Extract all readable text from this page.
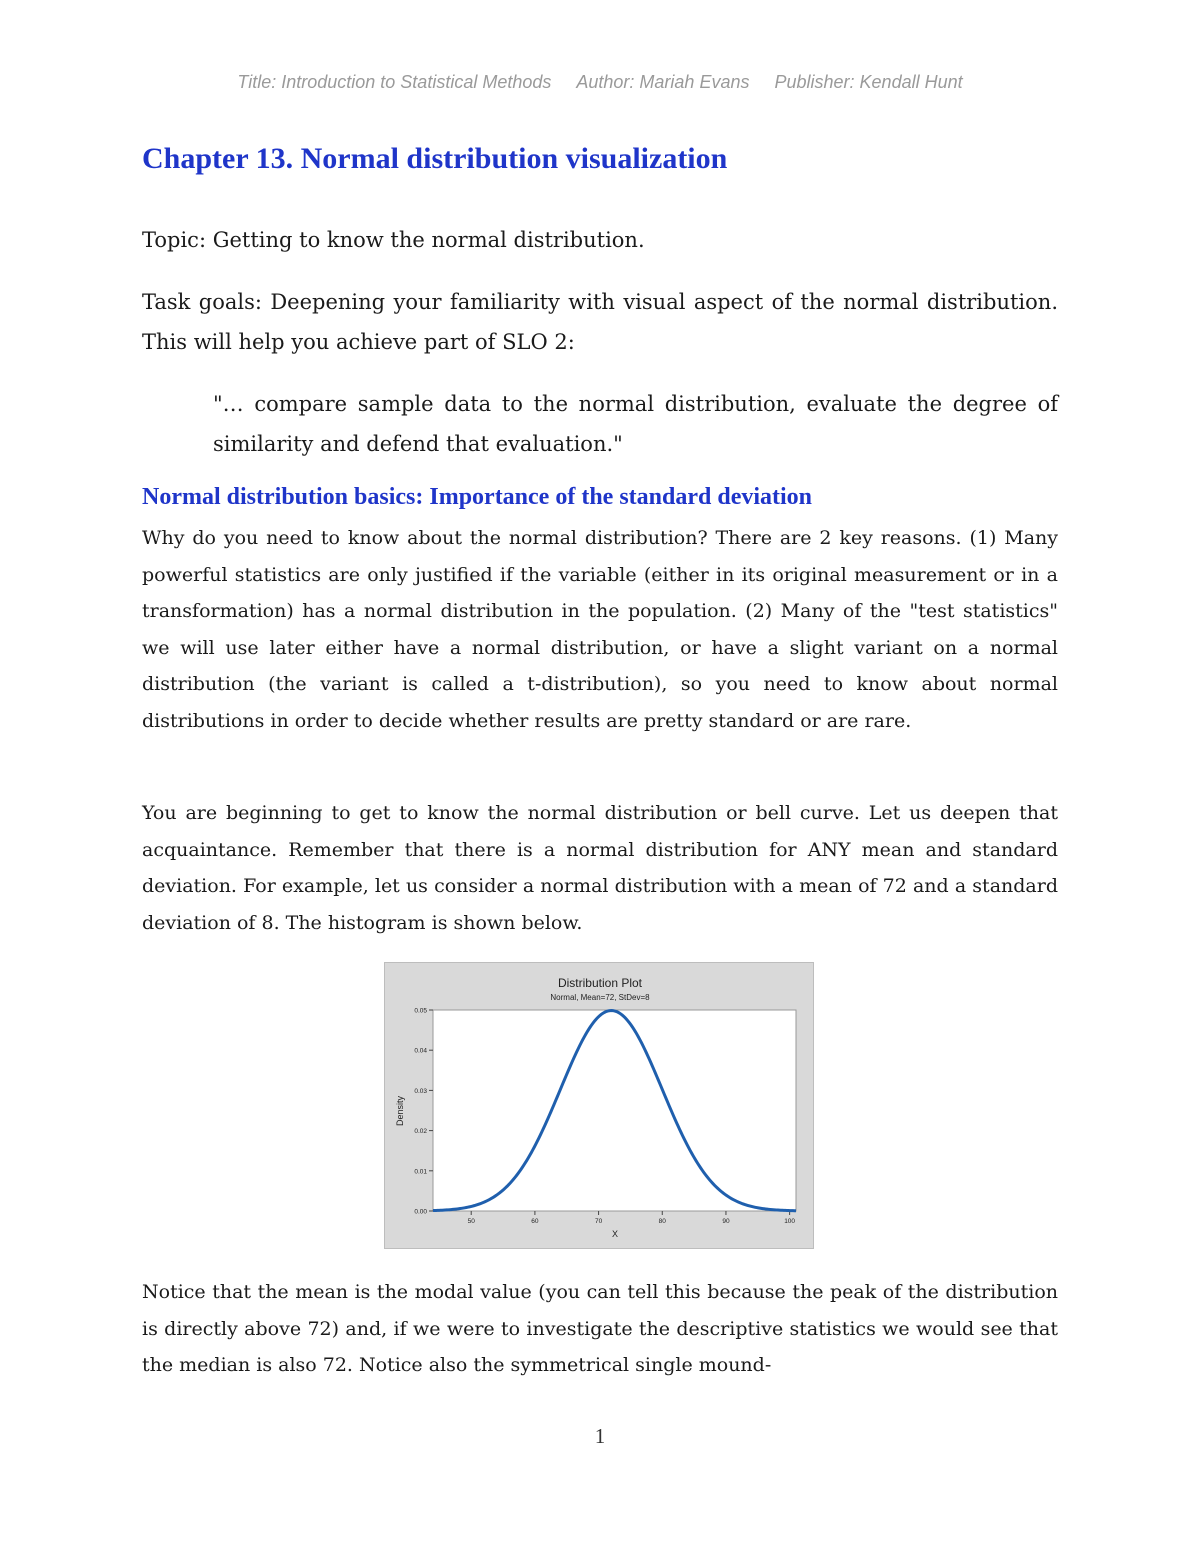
Title: Introduction to Statistical Methods Author: Mariah Evans Publisher: Kendall Hunt
Chapter 13. Normal distribution visualization
Topic: Getting to know the normal distribution.
Task goals: Deepening your familiarity with visual aspect of the normal distribution. This will help you achieve part of SLO 2:
"… compare sample data to the normal distribution, evaluate the degree of similarity and defend that evaluation."
Normal distribution basics: Importance of the standard deviation

Why do you need to know about the normal distribution? There are 2 key reasons. (1) Many powerful statistics are only justified if the variable (either in its original measurement or in a transformation) has a normal distribution in the population. (2) Many of the "test statistics" we will use later either have a normal distribution, or have a slight variant on a normal distribution (the variant is called a t-distribution), so you need to know about normal distributions in order to decide whether results are pretty standard or are rare.

You are beginning to get to know the normal distribution or bell curve. Let us deepen that acquaintance. Remember that there is a normal distribution for ANY mean and standard deviation. For example, let us consider a normal distribution with a mean of 72 and a standard deviation of 8. The histogram is shown below.

Distribution Plot
Normal, Mean=72, StDev=8
X
Density
0.00
0.01
0.02
0.03
0.04
0.05
50	60	70	80	90	100

Notice that the mean is the modal value (you can tell this because the peak of the distribution is directly above 72) and, if we were to investigate the descriptive statistics we would see that the median is also 72. Notice also the symmetrical single mound-

1
